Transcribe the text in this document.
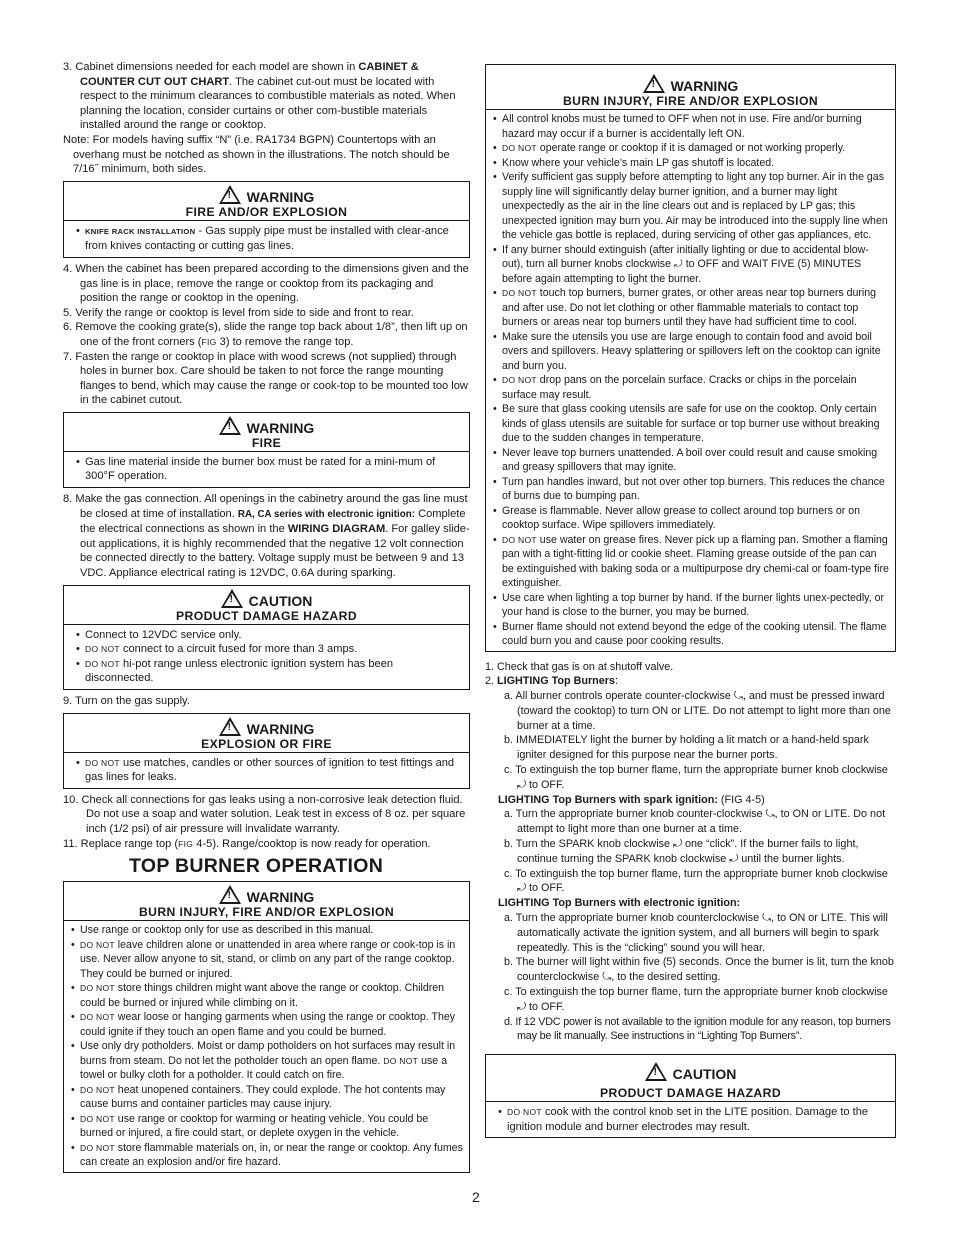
3. Cabinet dimensions needed for each model are shown in CABINET & COUNTER CUT OUT CHART. The cabinet cut-out must be located with respect to the minimum clearances to combustible materials as noted. When planning the location, consider curtains or other com-bustible materials installed around the range or cooktop.

Note: For models having suffix “N” (i.e. RA1734 BGPN) Countertops with an overhang must be notched as shown in the illustrations. The notch should be 7/16˝ minimum, both sides.

!WARNING
FIRE AND/OR EXPLOSION
• KNIFE RACK INSTALLATION - Gas supply pipe must be installed with clear-ance from knives contacting or cutting gas lines.

4. When the cabinet has been prepared according to the dimensions given and the gas line is in place, remove the range or cooktop from its packaging and position the range or cooktop in the opening.

5. Verify the range or cooktop is level from side to side and front to rear.

6. Remove the cooking grate(s), slide the range top back about 1/8”, then lift up on one of the front corners (FIG 3) to remove the range top.

7. Fasten the range or cooktop in place with wood screws (not supplied) through holes in burner box. Care should be taken to not force the range mounting flanges to bend, which may cause the range or cook-top to be mounted too low in the cabinet cutout.

!WARNING
FIRE
• Gas line material inside the burner box must be rated for a mini-mum of 300°F operation.

8. Make the gas connection. All openings in the cabinetry around the gas line must be closed at time of installation. RA, CA series with electronic ignition: Complete the electrical connections as shown in the WIRING DIAGRAM. For galley slide-out applications, it is highly recommended that the negative 12 volt connection be connected directly to the battery. Voltage supply must be between 9 and 13 VDC. Appliance electrical rating is 12VDC, 0.6A during sparking.

!CAUTION
PRODUCT DAMAGE HAZARD
• Connect to 12VDC service only.
• DO NOT connect to a circuit fused for more than 3 amps.
• DO NOT hi-pot range unless electronic ignition system has been disconnected.

9. Turn on the gas supply.

!WARNING
EXPLOSION OR FIRE
• DO NOT use matches, candles or other sources of ignition to test fittings and gas lines for leaks.

10. Check all connections for gas leaks using a non-corrosive leak detection fluid. Do not use a soap and water solution. Leak test in excess of 8 oz. per square inch (1/2 psi) of air pressure will invalidate warranty.

11. Replace range top (FIG 4-5). Range/cooktop is now ready for operation.

TOP BURNER OPERATION
!WARNING
BURN INJURY, FIRE AND/OR EXPLOSION
• Use range or cooktop only for use as described in this manual.
• DO NOT leave children alone or unattended in area where range or cook-top is in use. Never allow anyone to sit, stand, or climb on any part of the range cooktop. They could be burned or injured.
• DO NOT store things children might want above the range or cooktop. Children could be burned or injured while climbing on it.
• DO NOT wear loose or hanging garments when using the range or cooktop. They could ignite if they touch an open flame and you could be burned.
• Use only dry potholders. Moist or damp potholders on hot surfaces may result in burns from steam. Do not let the potholder touch an open flame. DO NOT use a towel or bulky cloth for a potholder. It could catch on fire.
• DO NOT heat unopened containers. They could explode. The hot contents may cause burns and container particles may cause injury.
• DO NOT use range or cooktop for warming or heating vehicle. You could be burned or injured, a fire could start, or deplete oxygen in the vehicle.
• DO NOT store flammable materials on, in, or near the range or cooktop. Any fumes can create an explosion and/or fire hazard.
!WARNING
BURN INJURY, FIRE AND/OR EXPLOSION
• All control knobs must be turned to OFF when not in use. Fire and/or burning hazard may occur if a burner is accidentally left ON.
• DO NOT operate range or cooktop if it is damaged or not working properly.
• Know where your vehicle’s main LP gas shutoff is located.
• Verify sufficient gas supply before attempting to light any top burner. Air in the gas supply line will significantly delay burner ignition, and a burner may light unexpectedly as the air in the line clears out and is replaced by LP gas; this unexpected ignition may burn you. Air may be introduced into the supply line when the vehicle gas bottle is replaced, during servicing of other gas appliances, etc.
• If any burner should extinguish (after initially lighting or due to accidental blow-out), turn all burner knobs clockwise ⤾ to OFF and WAIT FIVE (5) MINUTES before again attempting to light the burner.
• DO NOT touch top burners, burner grates, or other areas near top burners during and after use. Do not let clothing or other flammable materials to contact top burners or areas near top burners until they have had sufficient time to cool.
• Make sure the utensils you use are large enough to contain food and avoid boil overs and spillovers. Heavy splattering or spillovers left on the cooktop can ignite and burn you.
• DO NOT drop pans on the porcelain surface. Cracks or chips in the porcelain surface may result.
• Be sure that glass cooking utensils are safe for use on the cooktop. Only certain kinds of glass utensils are suitable for surface or top burner use without breaking due to the sudden changes in temperature.
• Never leave top burners unattended. A boil over could result and cause smoking and greasy spillovers that may ignite.
• Turn pan handles inward, but not over other top burners. This reduces the chance of burns due to bumping pan.
• Grease is flammable. Never allow grease to collect around top burners or on cooktop surface. Wipe spillovers immediately.
• DO NOT use water on grease fires. Never pick up a flaming pan. Smother a flaming pan with a tight-fitting lid or cookie sheet. Flaming grease outside of the pan can be extinguished with baking soda or a multipurpose dry chemi-cal or foam-type fire extinguisher.
• Use care when lighting a top burner by hand. If the burner lights unex-pectedly, or your hand is close to the burner, you may be burned.
• Burner flame should not extend beyond the edge of the cooking utensil. The flame could burn you and cause poor cooking results.

1. Check that gas is on at shutoff valve.

2. LIGHTING Top Burners:

a. All burner controls operate counter-clockwise ⤿, and must be pressed inward (toward the cooktop) to turn ON or LITE. Do not attempt to light more than one burner at a time.

b. IMMEDIATELY light the burner by holding a lit match or a hand-held spark igniter designed for this purpose near the burner ports.

c. To extinguish the top burner flame, turn the appropriate burner knob clockwise ⤾ to OFF.

LIGHTING Top Burners with spark ignition: (FIG 4-5)

a. Turn the appropriate burner knob counter-clockwise ⤿, to ON or LITE. Do not attempt to light more than one burner at a time.

b. Turn the SPARK knob clockwise ⤾ one “click”. If the burner fails to light, continue turning the SPARK knob clockwise ⤾ until the burner lights.

c. To extinguish the top burner flame, turn the appropriate burner knob clockwise ⤾ to OFF.

LIGHTING Top Burners with electronic ignition:

a. Turn the appropriate burner knob counterclockwise ⤿, to ON or LITE. This will automatically activate the ignition system, and all burners will begin to spark repeatedly. This is the “clicking” sound you will hear.

b. The burner will light within five (5) seconds. Once the burner is lit, turn the knob counterclockwise ⤿, to the desired setting.

c. To extinguish the top burner flame, turn the appropriate burner knob clockwise ⤾ to OFF.

d. If 12 VDC power is not available to the ignition module for any reason, top burners may be lit manually. See instructions in “Lighting Top Burners”.

!CAUTION
PRODUCT DAMAGE HAZARD
• DO NOT cook with the control knob set in the LITE position. Damage to the ignition module and burner electrodes may result.
2
